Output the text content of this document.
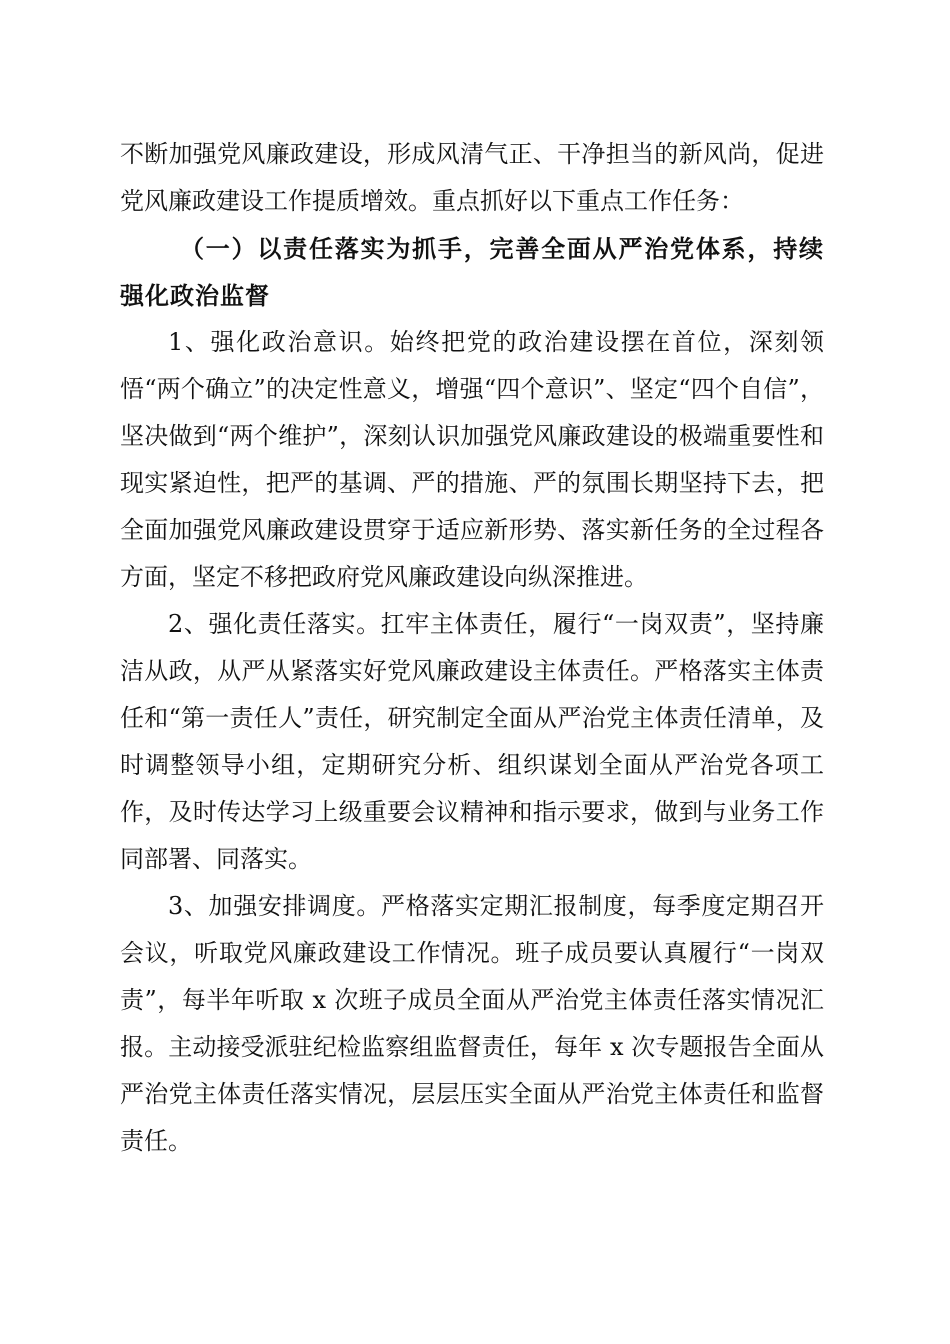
不断加强党风廉政建设，形成风清气正、干净担当的新风尚，促进党风廉政建设工作提质增效。重点抓好以下重点工作任务：

（一）以责任落实为抓手，完善全面从严治党体系，持续强化政治监督

1、强化政治意识。始终把党的政治建设摆在首位，深刻领悟“两个确立”的决定性意义，增强“四个意识”、坚定“四个自信”，坚决做到“两个维护”，深刻认识加强党风廉政建设的极端重要性和现实紧迫性，把严的基调、严的措施、严的氛围长期坚持下去，把全面加强党风廉政建设贯穿于适应新形势、落实新任务的全过程各方面，坚定不移把政府党风廉政建设向纵深推进。

2、强化责任落实。扛牢主体责任，履行“一岗双责”，坚持廉洁从政，从严从紧落实好党风廉政建设主体责任。严格落实主体责任和“第一责任人”责任，研究制定全面从严治党主体责任清单，及时调整领导小组，定期研究分析、组织谋划全面从严治党各项工作，及时传达学习上级重要会议精神和指示要求，做到与业务工作同部署、同落实。

3、加强安排调度。严格落实定期汇报制度，每季度定期召开会议，听取党风廉政建设工作情况。班子成员要认真履行“一岗双责”，每半年听取 x 次班子成员全面从严治党主体责任落实情况汇报。主动接受派驻纪检监察组监督责任，每年 x 次专题报告全面从严治党主体责任落实情况，层层压实全面从严治党主体责任和监督责任。
